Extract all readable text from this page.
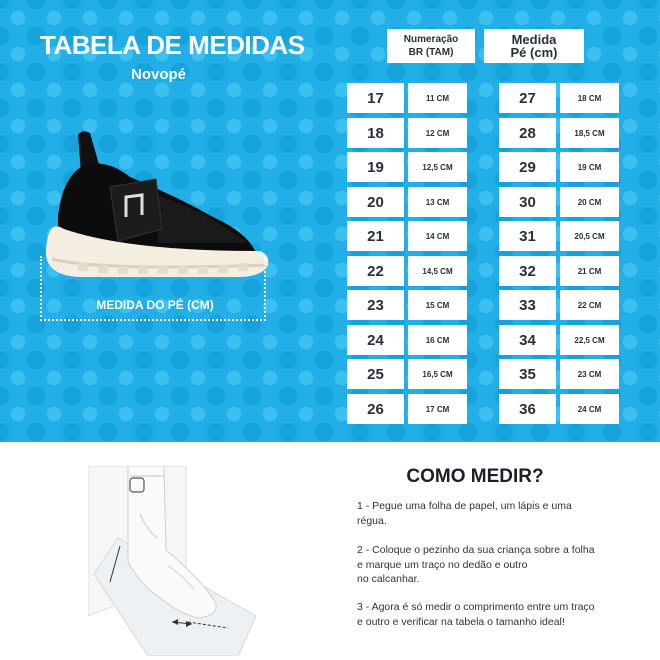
TABELA DE MEDIDAS
Novopé
MEDIDA DO PÉ (CM)
Numeração
BR (TAM)
Medida
Pé (cm)
17	11 CM
18	12 CM
19	12,5 CM
20	13 CM
21	14 CM
22	14,5 CM
23	15 CM
24	16 CM
25	16,5 CM
26	17 CM
27	18 CM
28	18,5 CM
29	19 CM
30	20 CM
31	20,5 CM
32	21 CM
33	22 CM
34	22,5 CM
35	23 CM
36	24 CM
COMO MEDIR?
1 - Pegue uma folha de papel, um lápis e uma
régua.
2 - Coloque o pezinho da sua criança sobre a folha
e marque um traço no dedão e outro
no calcanhar.
3 - Agora é só medir o comprimento entre um traço
e outro e verificar na tabela o tamanho ideal!
